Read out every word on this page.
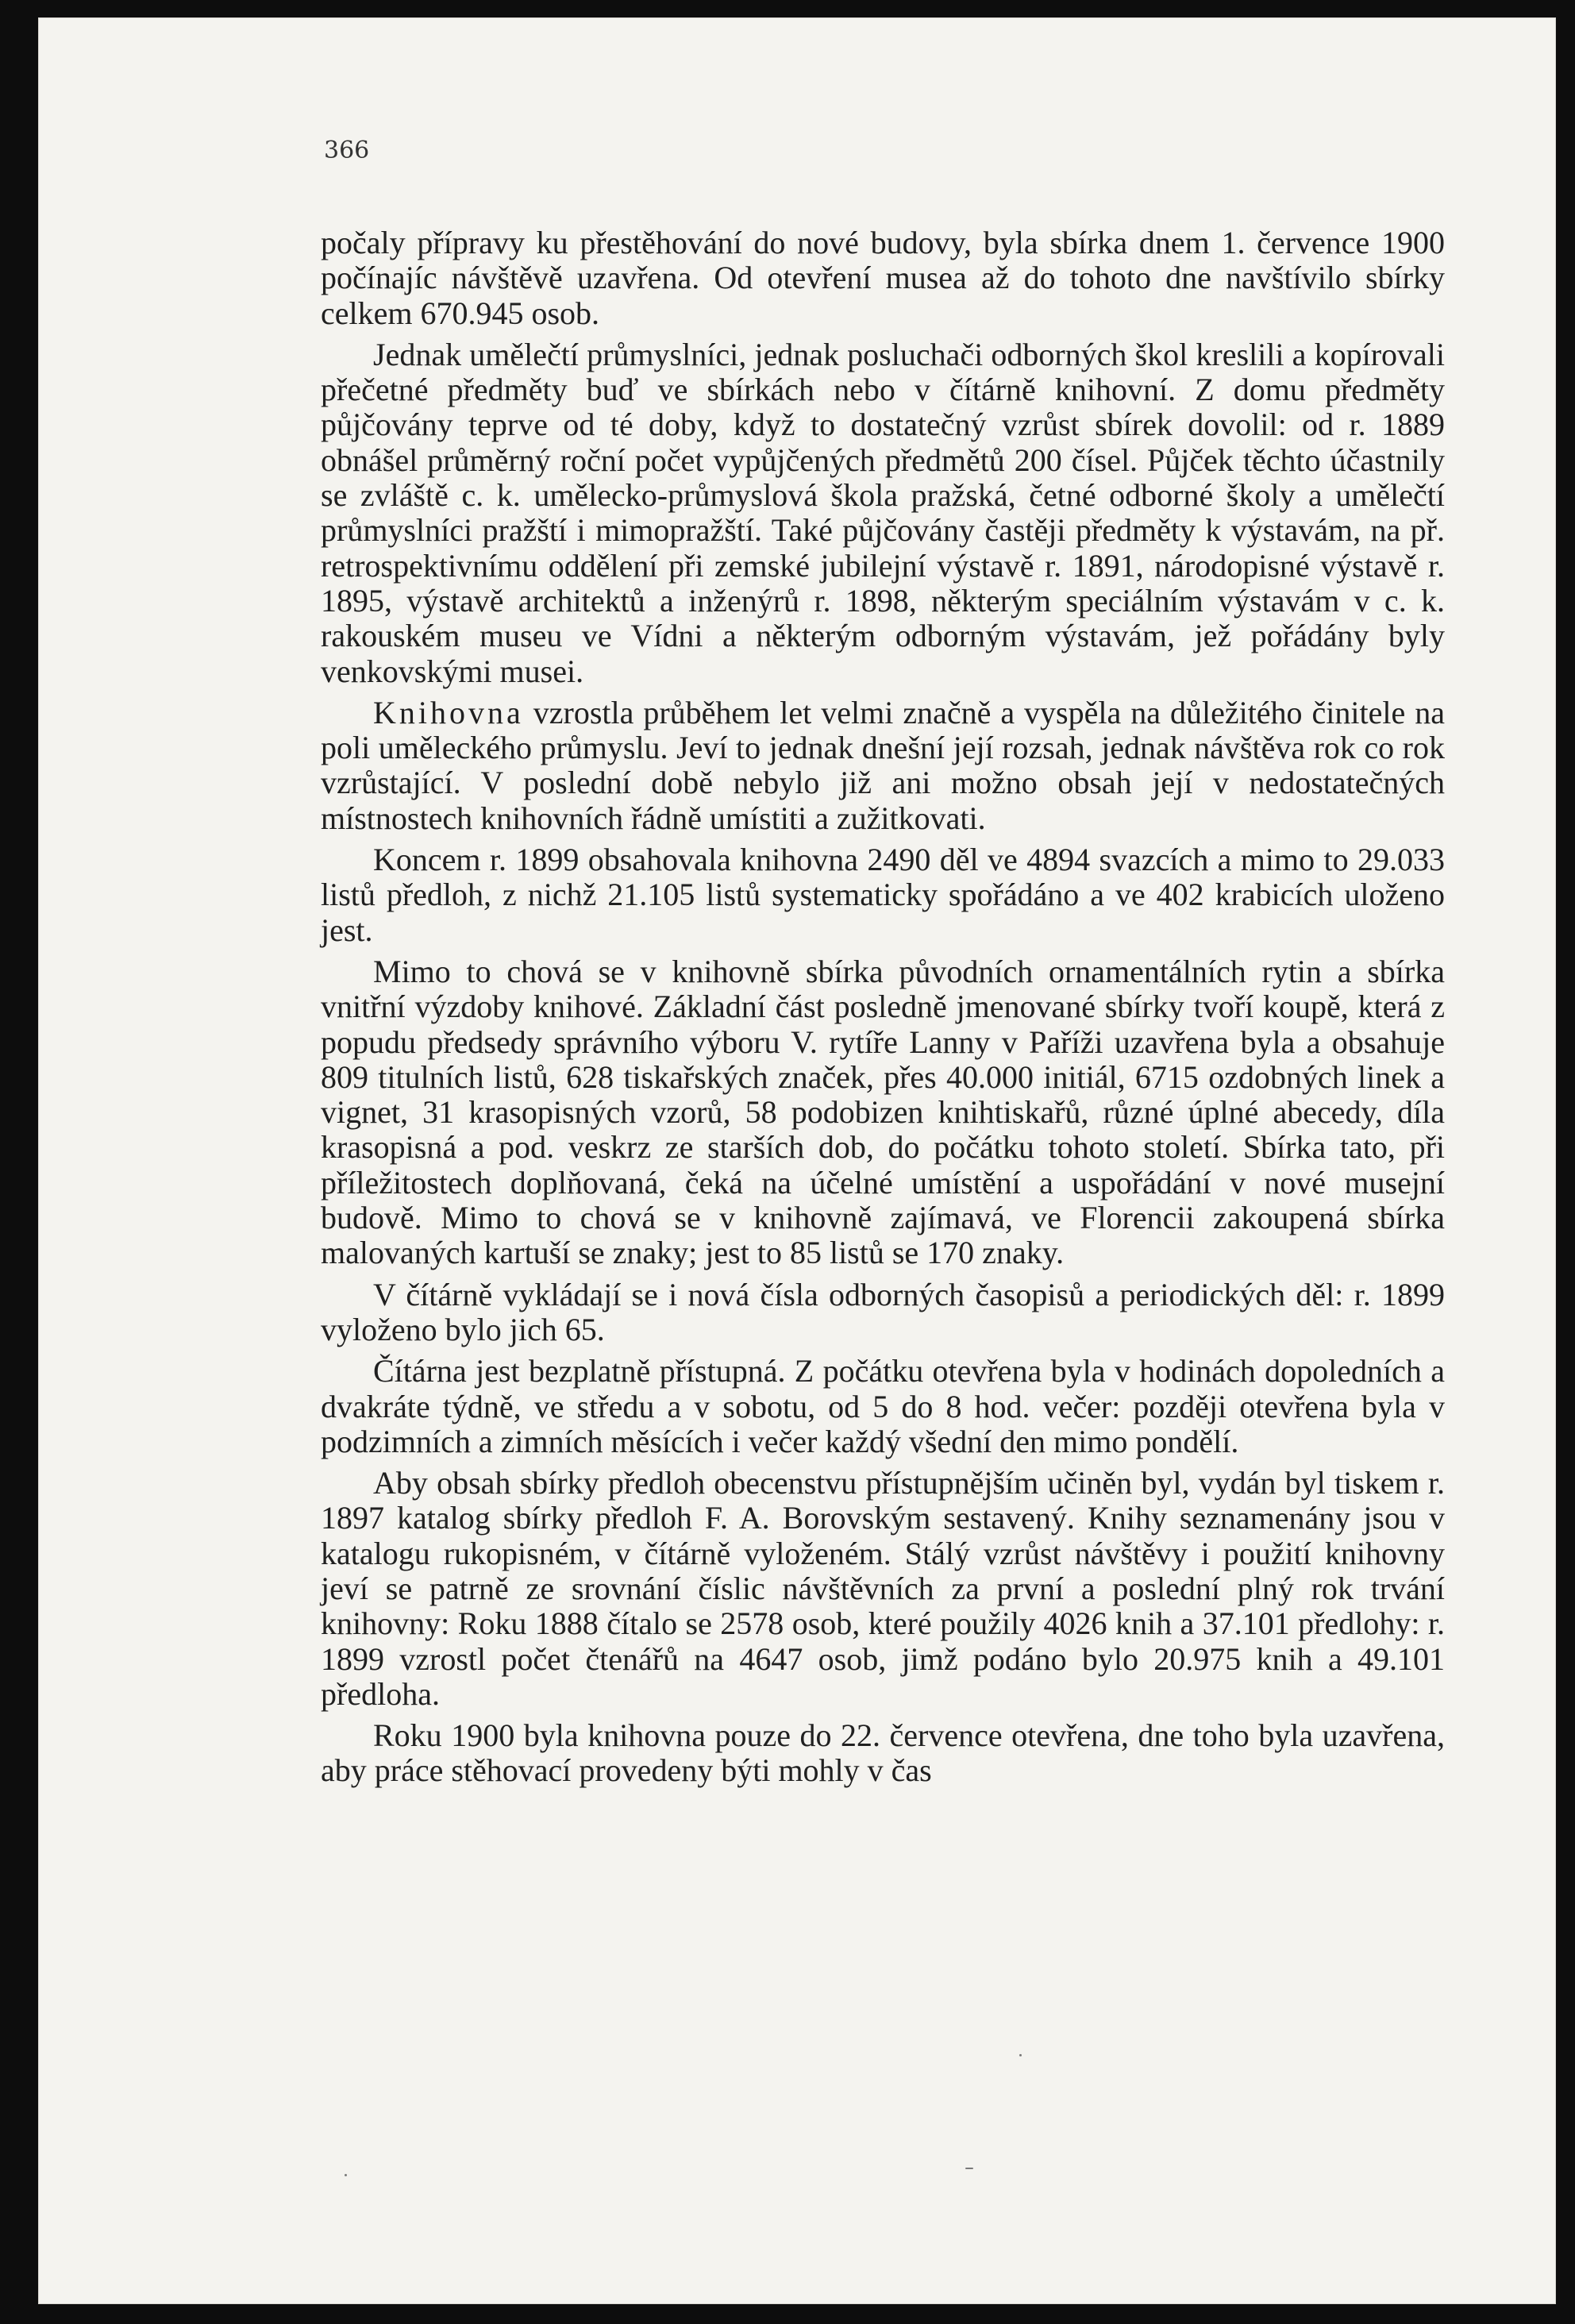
366

počaly přípravy ku přestěhování do nové budovy, byla sbírka dnem 1. července 1900 počínajíc návštěvě uzavřena. Od otevření musea až do tohoto dne navštívilo sbírky celkem 670.945 osob.

Jednak umělečtí průmyslníci, jednak posluchači odborných škol kreslili a kopírovali přečetné předměty buď ve sbírkách nebo v čítárně knihovní. Z domu předměty půjčovány teprve od té doby, když to dostatečný vzrůst sbírek dovolil: od r. 1889 obnášel průměrný roční počet vypůjčených předmětů 200 čísel. Půjček těchto účastnily se zvláště c. k. umělecko-průmyslová škola pražská, četné odborné školy a umělečtí průmyslníci pražští i mimopražští. Také půjčovány častěji předměty k výstavám, na př. retrospektivnímu oddělení při zemské jubilejní výstavě r. 1891, národopisné výstavě r. 1895, výstavě architektů a inženýrů r. 1898, některým speciálním výstavám v c. k. rakouském museu ve Vídni a některým odborným výstavám, jež pořádány byly venkovskými musei.

Knihovna vzrostla průběhem let velmi značně a vyspěla na důležitého činitele na poli uměleckého průmyslu. Jeví to jednak dnešní její rozsah, jednak návštěva rok co rok vzrůstající. V poslední době nebylo již ani možno obsah její v nedostatečných místnostech knihovních řádně umístiti a zužitkovati.

Koncem r. 1899 obsahovala knihovna 2490 děl ve 4894 svazcích a mimo to 29.033 listů předloh, z nichž 21.105 listů systematicky spořádáno a ve 402 krabicích uloženo jest.

Mimo to chová se v knihovně sbírka původních ornamentálních rytin a sbírka vnitřní výzdoby knihové. Základní část posledně jmenované sbírky tvoří koupě, která z popudu předsedy správního výboru V. rytíře Lanny v Paříži uzavřena byla a obsahuje 809 titulních listů, 628 tiskařských značek, přes 40.000 initiál, 6715 ozdobných linek a vignet, 31 krasopisných vzorů, 58 podobizen knihtiskařů, různé úplné abecedy, díla krasopisná a pod. veskrz ze starších dob, do počátku tohoto století. Sbírka tato, při příležitostech doplňovaná, čeká na účelné umístění a uspořádání v nové musejní budově. Mimo to chová se v knihovně zajímavá, ve Florencii zakoupená sbírka malovaných kartuší se znaky; jest to 85 listů se 170 znaky.

V čítárně vykládají se i nová čísla odborných časopisů a periodických děl: r. 1899 vyloženo bylo jich 65.

Čítárna jest bezplatně přístupná. Z počátku otevřena byla v hodinách dopoledních a dvakráte týdně, ve středu a v sobotu, od 5 do 8 hod. večer: později otevřena byla v podzimních a zimních měsících i večer každý všední den mimo pondělí.

Aby obsah sbírky předloh obecenstvu přístupnějším učiněn byl, vydán byl tiskem r. 1897 katalog sbírky předloh F. A. Borovským sestavený. Knihy seznamenány jsou v katalogu rukopisném, v čítárně vyloženém. Stálý vzrůst návštěvy i použití knihovny jeví se patrně ze srovnání číslic návštěvních za první a poslední plný rok trvání knihovny: Roku 1888 čítalo se 2578 osob, které použily 4026 knih a 37.101 předlohy: r. 1899 vzrostl počet čtenářů na 4647 osob, jimž podáno bylo 20.975 knih a 49.101 předloha.

Roku 1900 byla knihovna pouze do 22. července otevřena, dne toho byla uzavřena, aby práce stěhovací provedeny býti mohly v čas
